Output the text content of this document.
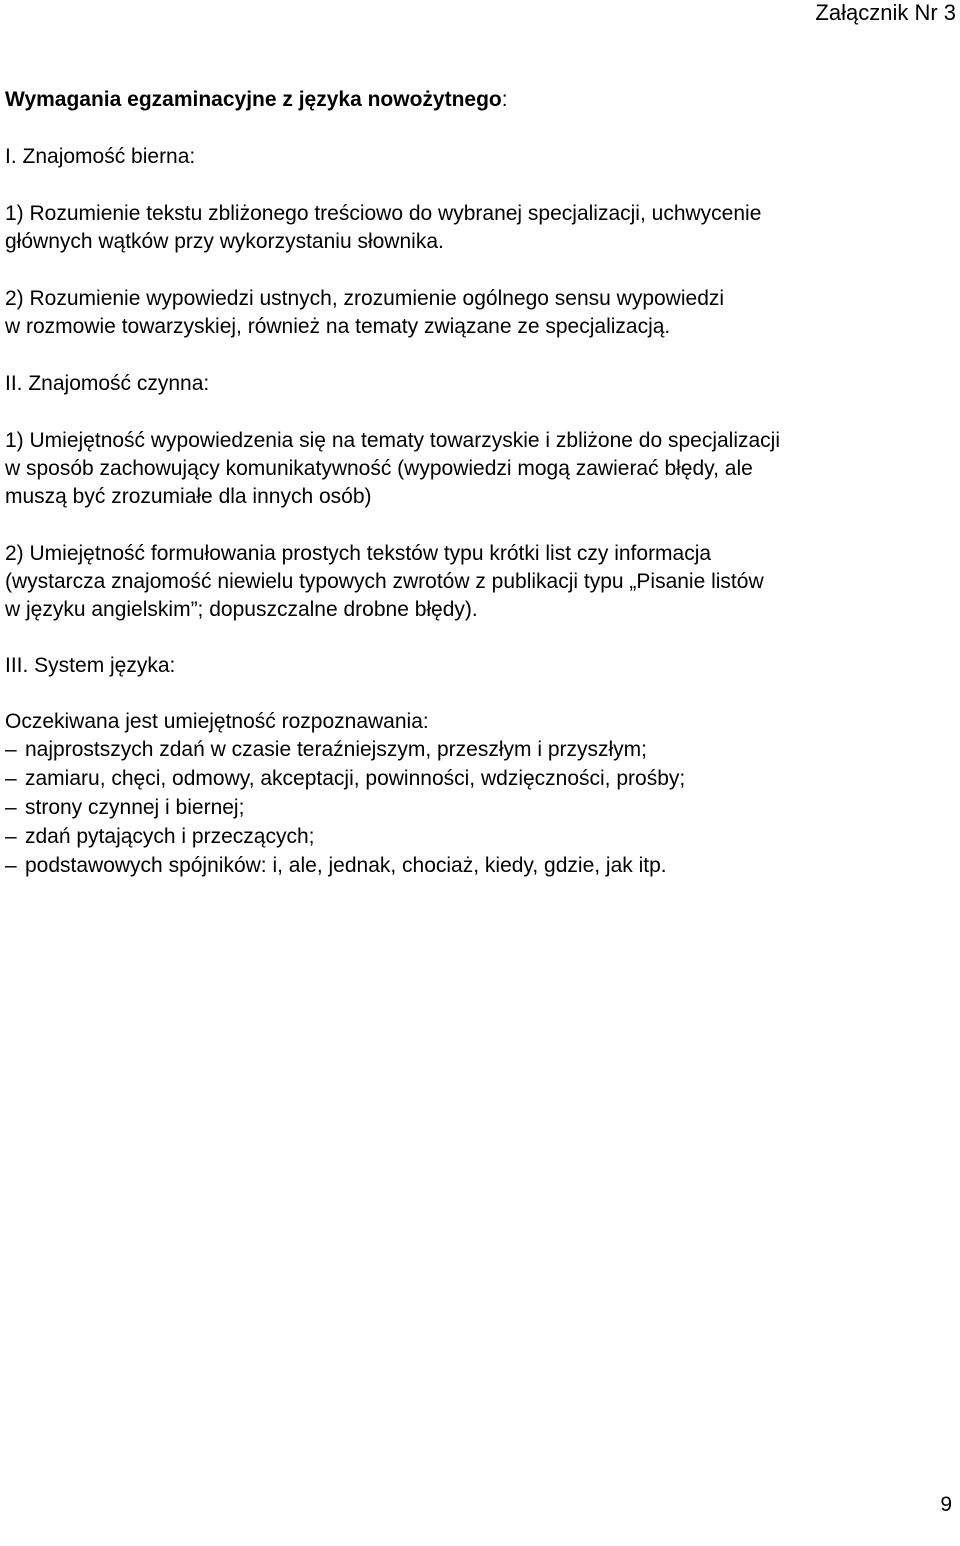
Załącznik Nr 3

Wymagania egzaminacyjne z języka nowożytnego:

I. Znajomość bierna:

1) Rozumienie tekstu zbliżonego treściowo do wybranej specjalizacji, uchwycenie
głównych wątków przy wykorzystaniu słownika.

2) Rozumienie wypowiedzi ustnych, zrozumienie ogólnego sensu wypowiedzi
w rozmowie towarzyskiej, również na tematy związane ze specjalizacją.

II. Znajomość czynna:

1) Umiejętność wypowiedzenia się na tematy towarzyskie i zbliżone do specjalizacji
w sposób zachowujący komunikatywność (wypowiedzi mogą zawierać błędy, ale
muszą być zrozumiałe dla innych osób)

2) Umiejętność formułowania prostych tekstów typu krótki list czy informacja
(wystarcza znajomość niewielu typowych zwrotów z publikacji typu „Pisanie listów
w języku angielskim”; dopuszczalne drobne błędy).

III. System języka:

Oczekiwana jest umiejętność rozpoznawania:

– najprostszych zdań w czasie teraźniejszym, przeszłym i przyszłym;
– zamiaru, chęci, odmowy, akceptacji, powinności, wdzięczności, prośby;
– strony czynnej i biernej;
– zdań pytających i przeczących;
– podstawowych spójników: i, ale, jednak, chociaż, kiedy, gdzie, jak itp.
9
